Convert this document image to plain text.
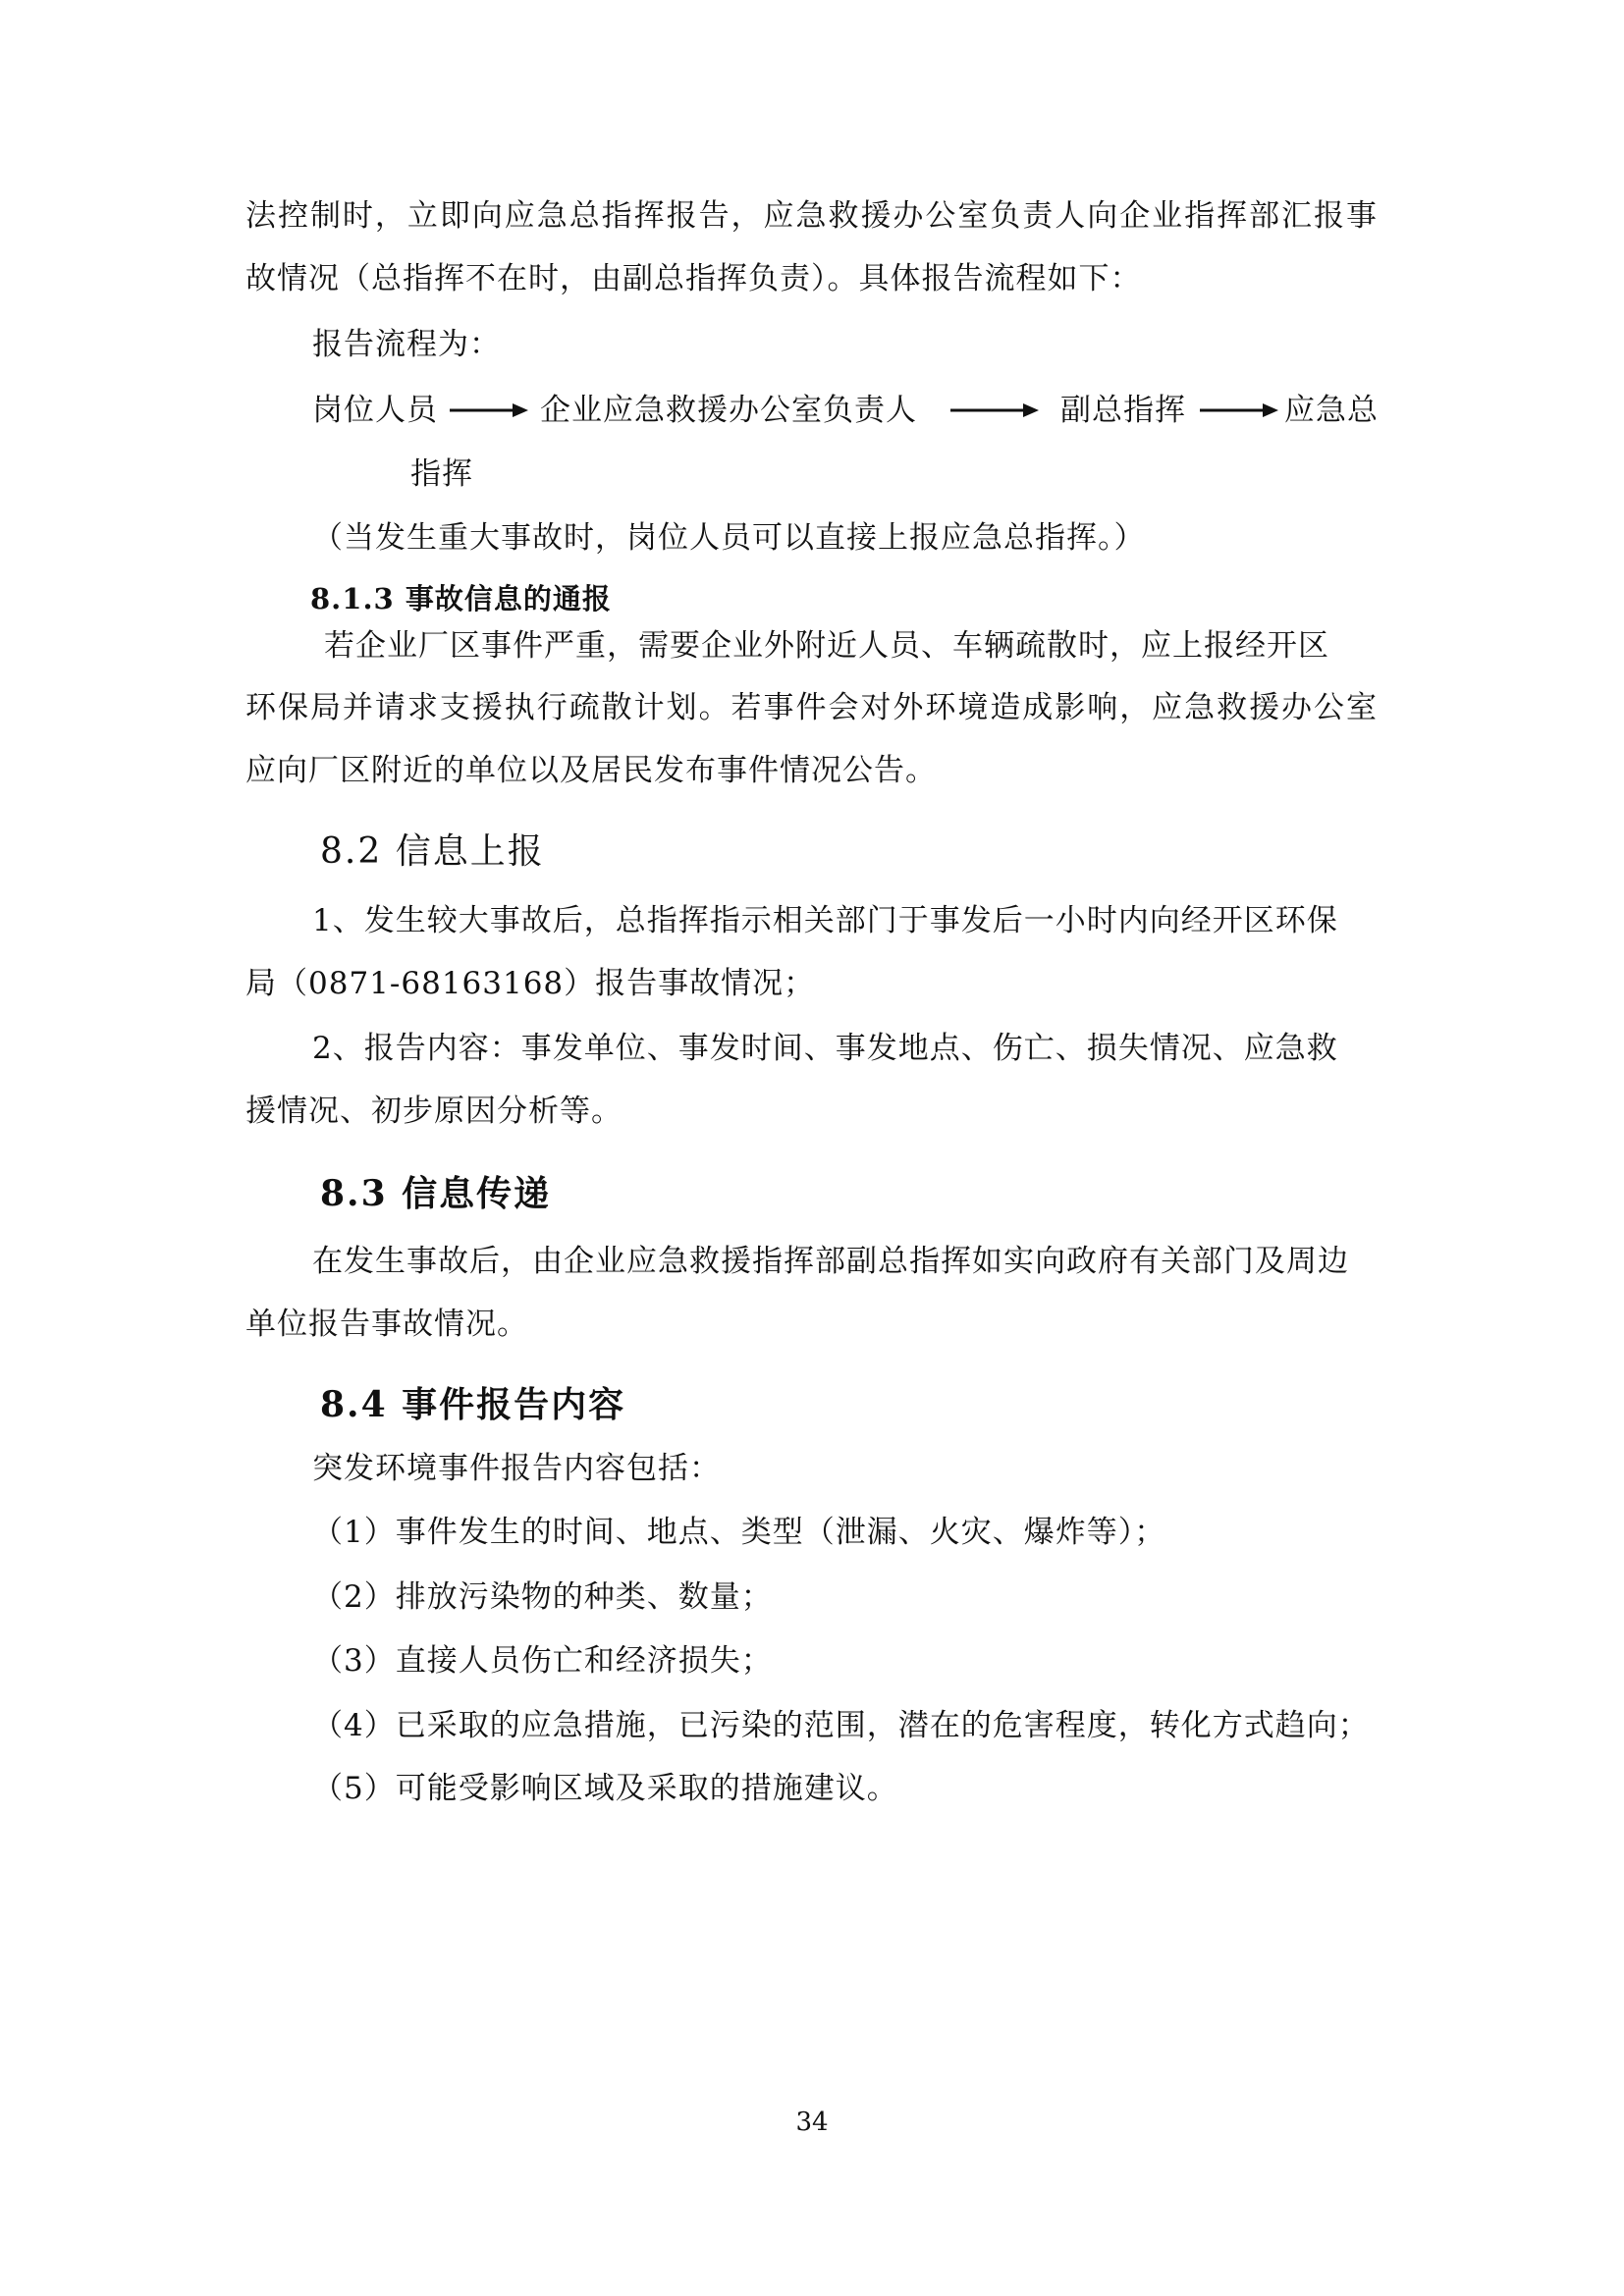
法控制时，立即向应急总指挥报告，应急救援办公室负责人向企业指挥部汇报事
故情况（总指挥不在时，由副总指挥负责）。具体报告流程如下：
报告流程为：
岗位人员	企业应急救援办公室负责人	副总指挥	应急总
指挥
（当发生重大事故时，岗位人员可以直接上报应急总指挥。）
8.1.3 事故信息的通报
若企业厂区事件严重，需要企业外附近人员、车辆疏散时，应上报经开区
环保局并请求支援执行疏散计划。若事件会对外环境造成影响，应急救援办公室
应向厂区附近的单位以及居民发布事件情况公告。
8.2 信息上报
1、发生较大事故后，总指挥指示相关部门于事发后一小时内向经开区环保
局（0871-68163168）报告事故情况；
2、报告内容：事发单位、事发时间、事发地点、伤亡、损失情况、应急救
援情况、初步原因分析等。
8.3 信息传递
在发生事故后，由企业应急救援指挥部副总指挥如实向政府有关部门及周边
单位报告事故情况。
8.4 事件报告内容
突发环境事件报告内容包括：
（1）事件发生的时间、地点、类型（泄漏、火灾、爆炸等）；
（2）排放污染物的种类、数量；
（3）直接人员伤亡和经济损失；
（4）已采取的应急措施，已污染的范围，潜在的危害程度，转化方式趋向；
（5）可能受影响区域及采取的措施建议。
34
